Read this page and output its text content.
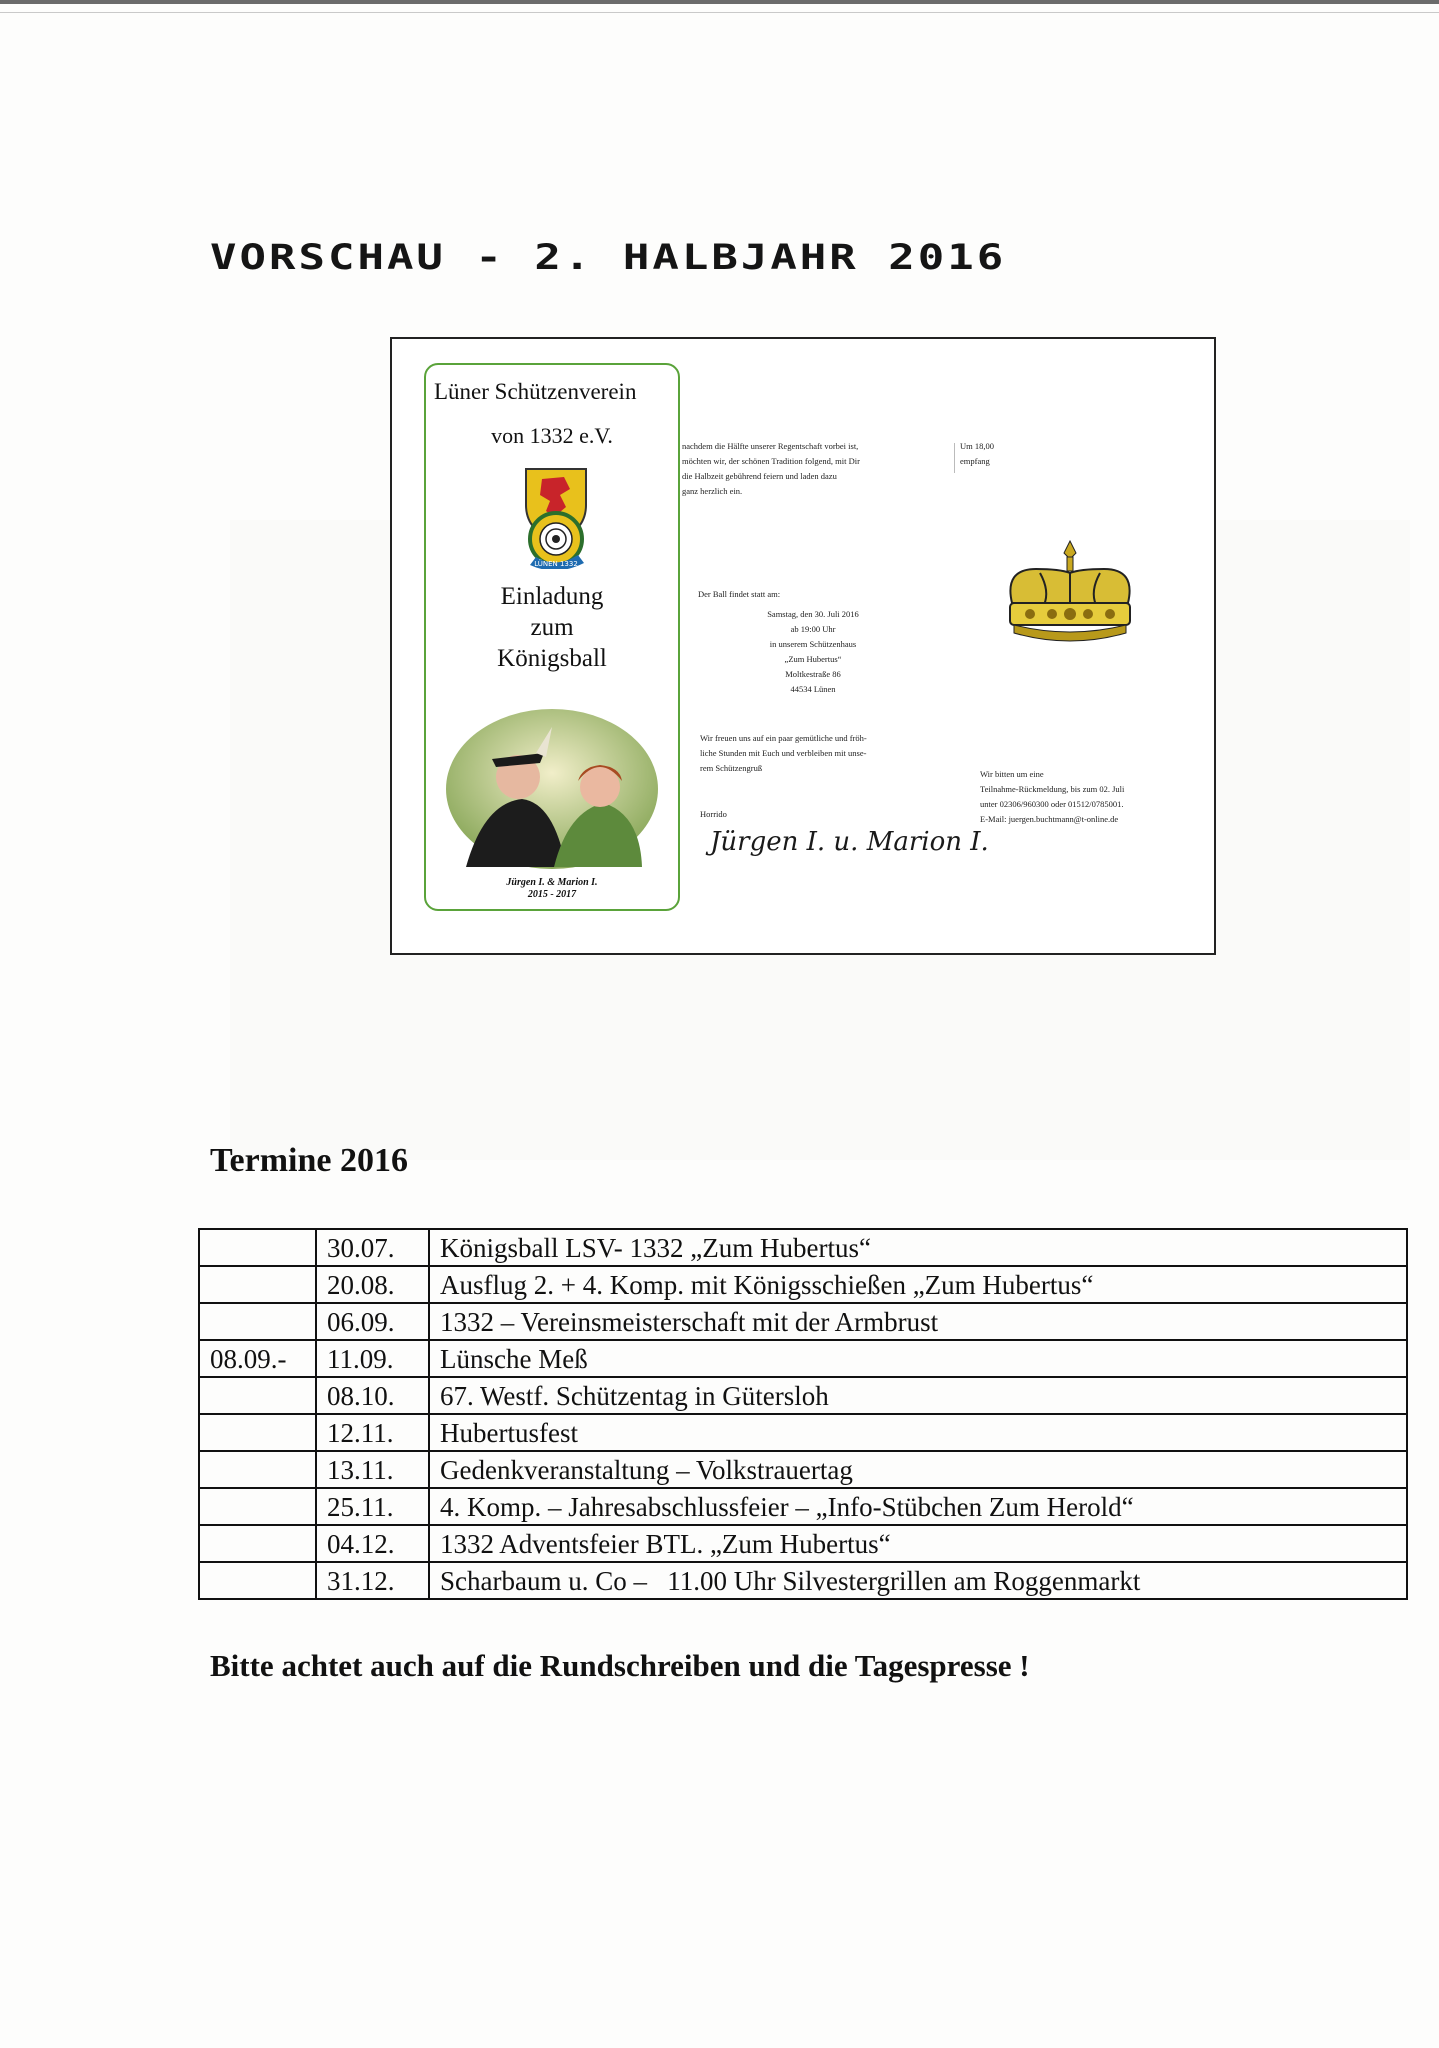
VORSCHAU - 2. HALBJAHR 2016
Lüner Schützenverein
von 1332 e.V.
LÜNEN 1332
Einladung
zum
Königsball
Jürgen I. & Marion I.
2015 - 2017
nachdem die Hälfte unserer Regentschaft vorbei ist,
möchten wir, der schönen Tradition folgend, mit Dir
die Halbzeit gebührend feiern und laden dazu
ganz herzlich ein.
Um 18,00
empfang
Der Ball findet statt am:
Samstag, den 30. Juli 2016
ab 19:00 Uhr
in unserem Schützenhaus
„Zum Hubertus“
Moltkestraße 86
44534 Lünen
Wir freuen uns auf ein paar gemütliche und fröh-
liche Stunden mit Euch und verbleiben mit unse-
rem Schützengruß
Horrido
Jürgen I. u. Marion I.
Wir bitten um eine
Teilnahme-Rückmeldung, bis zum 02. Juli
unter 02306/960300 oder 01512/0785001.
E-Mail: juergen.buchtmann@t-online.de
Termine 2016
	30.07.	Königsball LSV- 1332 „Zum Hubertus“
	20.08.	Ausflug 2. + 4. Komp. mit Königsschießen „Zum Hubertus“
	06.09.	1332 – Vereinsmeisterschaft mit der Armbrust
08.09.-	11.09.	Lünsche Meß
	08.10.	67. Westf. Schützentag in Gütersloh
	12.11.	Hubertusfest
	13.11.	Gedenkveranstaltung – Volkstrauertag
	25.11.	4. Komp. – Jahresabschlussfeier – „Info-Stübchen Zum Herold“
	04.12.	1332 Adventsfeier BTL. „Zum Hubertus“
	31.12.	Scharbaum u. Co –   11.00 Uhr Silvestergrillen am Roggenmarkt
Bitte achtet auch auf die Rundschreiben und die Tagespresse !
